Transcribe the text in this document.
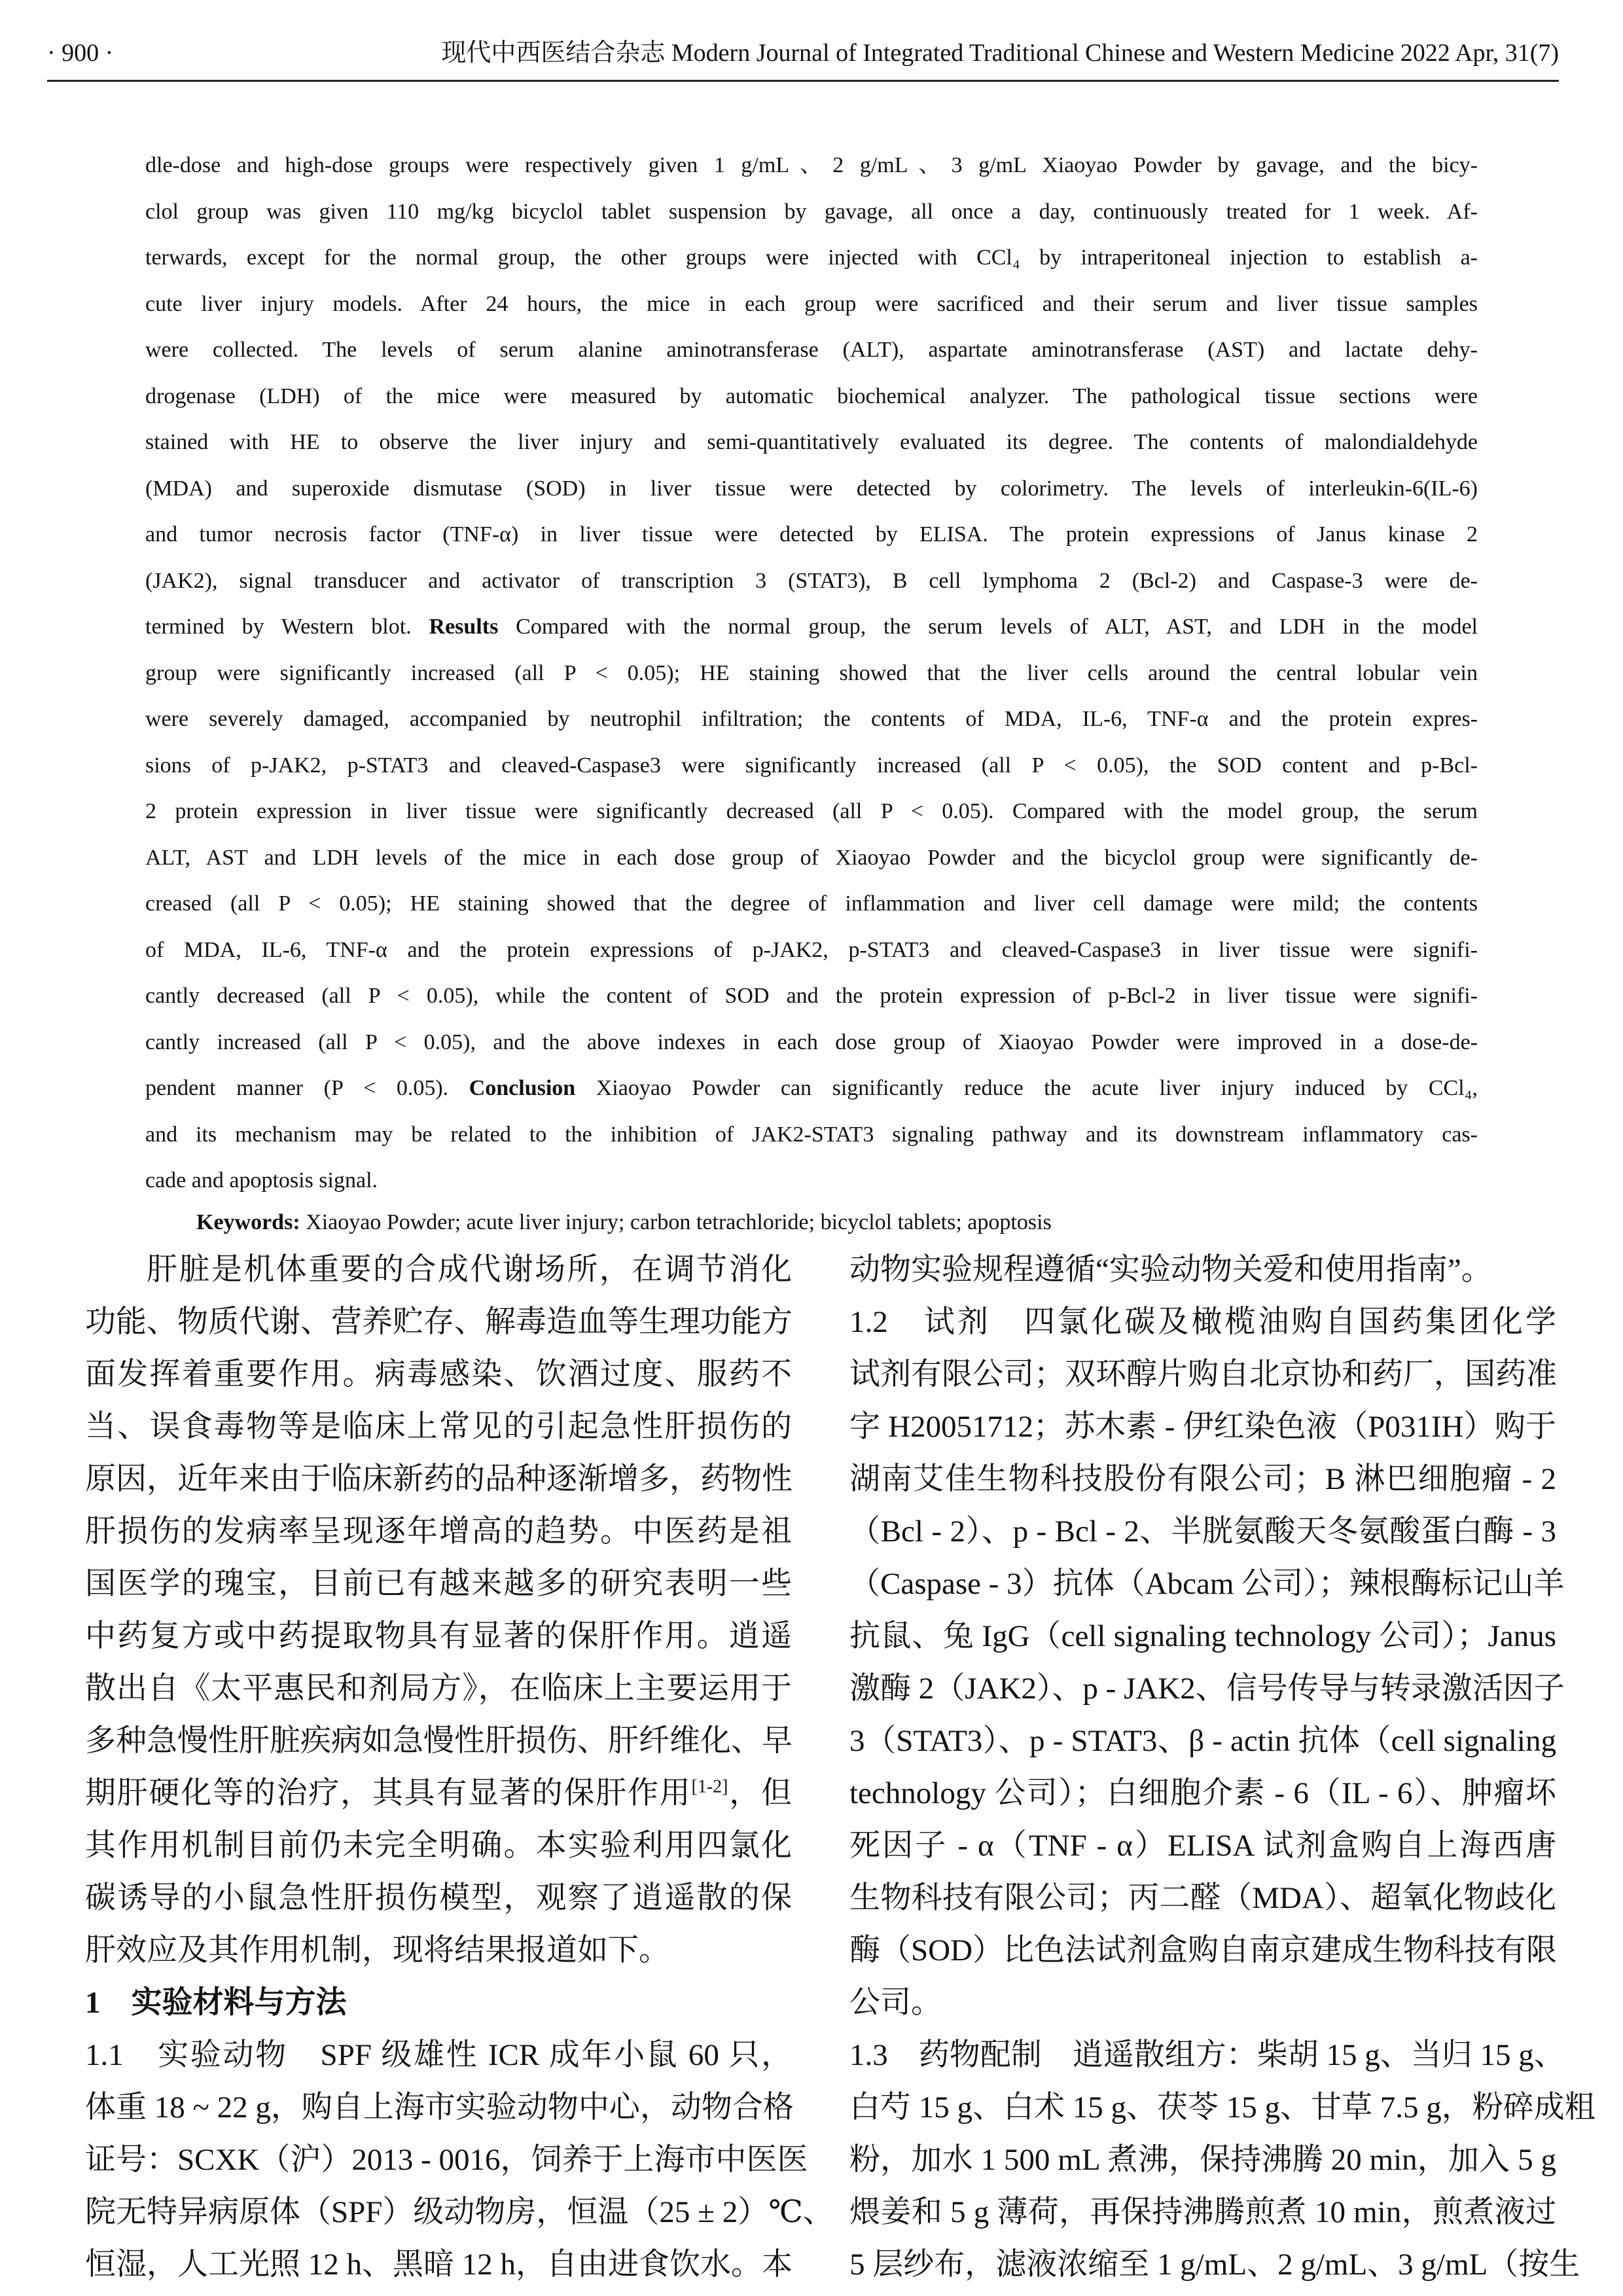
· 900 ·	现代中西医结合杂志 Modern Journal of Integrated Traditional Chinese and Western Medicine 2022 Apr, 31(7)
dle-dose and high-dose groups were respectively given 1 g/mL、2 g/mL、3 g/mL Xiaoyao Powder by gavage, and the bicy-
clol group was given 110 mg/kg bicyclol tablet suspension by gavage, all once a day, continuously treated for 1 week. Af-
terwards, except for the normal group, the other groups were injected with CCl₄ by intraperitoneal injection to establish a-
cute liver injury models. After 24 hours, the mice in each group were sacrificed and their serum and liver tissue samples
were collected. The levels of serum alanine aminotransferase (ALT), aspartate aminotransferase (AST) and lactate dehy-
drogenase (LDH) of the mice were measured by automatic biochemical analyzer. The pathological tissue sections were
stained with HE to observe the liver injury and semi-quantitatively evaluated its degree. The contents of malondialdehyde
(MDA) and superoxide dismutase (SOD) in liver tissue were detected by colorimetry. The levels of interleukin-6(IL-6)
and tumor necrosis factor (TNF-α) in liver tissue were detected by ELISA. The protein expressions of Janus kinase 2
(JAK2), signal transducer and activator of transcription 3 (STAT3), B cell lymphoma 2 (Bcl-2) and Caspase-3 were de-
termined by Western blot. Results Compared with the normal group, the serum levels of ALT, AST, and LDH in the model
group were significantly increased (all P < 0.05); HE staining showed that the liver cells around the central lobular vein
were severely damaged, accompanied by neutrophil infiltration; the contents of MDA, IL-6, TNF-α and the protein expres-
sions of p-JAK2, p-STAT3 and cleaved-Caspase3 were significantly increased (all P < 0.05), the SOD content and p-Bcl-
2 protein expression in liver tissue were significantly decreased (all P < 0.05). Compared with the model group, the serum
ALT, AST and LDH levels of the mice in each dose group of Xiaoyao Powder and the bicyclol group were significantly de-
creased (all P < 0.05); HE staining showed that the degree of inflammation and liver cell damage were mild; the contents
of MDA, IL-6, TNF-α and the protein expressions of p-JAK2, p-STAT3 and cleaved-Caspase3 in liver tissue were signifi-
cantly decreased (all P < 0.05), while the content of SOD and the protein expression of p-Bcl-2 in liver tissue were signifi-
cantly increased (all P < 0.05), and the above indexes in each dose group of Xiaoyao Powder were improved in a dose-de-
pendent manner (P < 0.05). Conclusion Xiaoyao Powder can significantly reduce the acute liver injury induced by CCl₄,
and its mechanism may be related to the inhibition of JAK2-STAT3 signaling pathway and its downstream inflammatory cas-
cade and apoptosis signal.
Keywords: Xiaoyao Powder; acute liver injury; carbon tetrachloride; bicyclol tablets; apoptosis
肝脏是机体重要的合成代谢场所，在调节消化
功能、物质代谢、营养贮存、解毒造血等生理功能方
面发挥着重要作用。病毒感染、饮酒过度、服药不
当、误食毒物等是临床上常见的引起急性肝损伤的
原因，近年来由于临床新药的品种逐渐增多，药物性
肝损伤的发病率呈现逐年增高的趋势。中医药是祖
国医学的瑰宝，目前已有越来越多的研究表明一些
中药复方或中药提取物具有显著的保肝作用。逍遥
散出自《太平惠民和剂局方》，在临床上主要运用于
多种急慢性肝脏疾病如急慢性肝损伤、肝纤维化、早
期肝硬化等的治疗，其具有显著的保肝作用[1-2]，但
其作用机制目前仍未完全明确。本实验利用四氯化
碳诱导的小鼠急性肝损伤模型，观察了逍遥散的保
肝效应及其作用机制，现将结果报道如下。
1　实验材料与方法
1.1　实验动物　SPF 级雄性 ICR 成年小鼠 60 只，
体重 18 ~ 22 g，购自上海市实验动物中心，动物合格
证号：SCXK（沪）2013 - 0016，饲养于上海市中医医
院无特异病原体（SPF）级动物房，恒温（25 ± 2）℃、
恒湿，人工光照 12 h、黑暗 12 h，自由进食饮水。本
动物实验规程遵循“实验动物关爱和使用指南”。
1.2　试剂　四氯化碳及橄榄油购自国药集团化学
试剂有限公司；双环醇片购自北京协和药厂，国药准
字 H20051712；苏木素 - 伊红染色液（P031IH）购于
湖南艾佳生物科技股份有限公司；B 淋巴细胞瘤 - 2
（Bcl - 2）、p - Bcl - 2、半胱氨酸天冬氨酸蛋白酶 - 3
（Caspase - 3）抗体（Abcam 公司）；辣根酶标记山羊
抗鼠、兔 IgG（cell signaling technology 公司）；Janus
激酶 2（JAK2）、p - JAK2、信号传导与转录激活因子
3（STAT3）、p - STAT3、β - actin 抗体（cell signaling
technology 公司）；白细胞介素 - 6（IL - 6）、肿瘤坏
死因子 - α（TNF - α）ELISA 试剂盒购自上海西唐
生物科技有限公司；丙二醛（MDA）、超氧化物歧化
酶（SOD）比色法试剂盒购自南京建成生物科技有限
公司。
1.3　药物配制　逍遥散组方：柴胡 15 g、当归 15 g、
白芍 15 g、白术 15 g、茯苓 15 g、甘草 7.5 g，粉碎成粗
粉，加水 1 500 mL 煮沸，保持沸腾 20 min，加入 5 g
煨姜和 5 g 薄荷，再保持沸腾煎煮 10 min，煎煮液过
5 层纱布，滤液浓缩至 1 g/mL、2 g/mL、3 g/mL（按生
